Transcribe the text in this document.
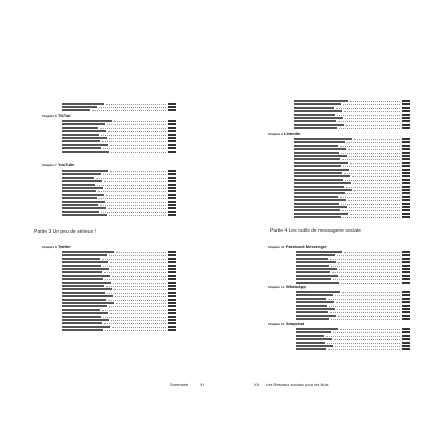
Chapitre 6 TikTok
Chapitre 7 YouTube
Partie 3 Un peu de sérieux !
Chapitre 8 Twitter
Sommaire	XI
Chapitre 9 LinkedIn
Partie 4 Les outils de messagerie sociale
Chapitre 10 Facebook Messenger
Chapitre 11 WhatsApp
Chapitre 12 Snapchat
XII Les Réseaux sociaux pour les Nuls
